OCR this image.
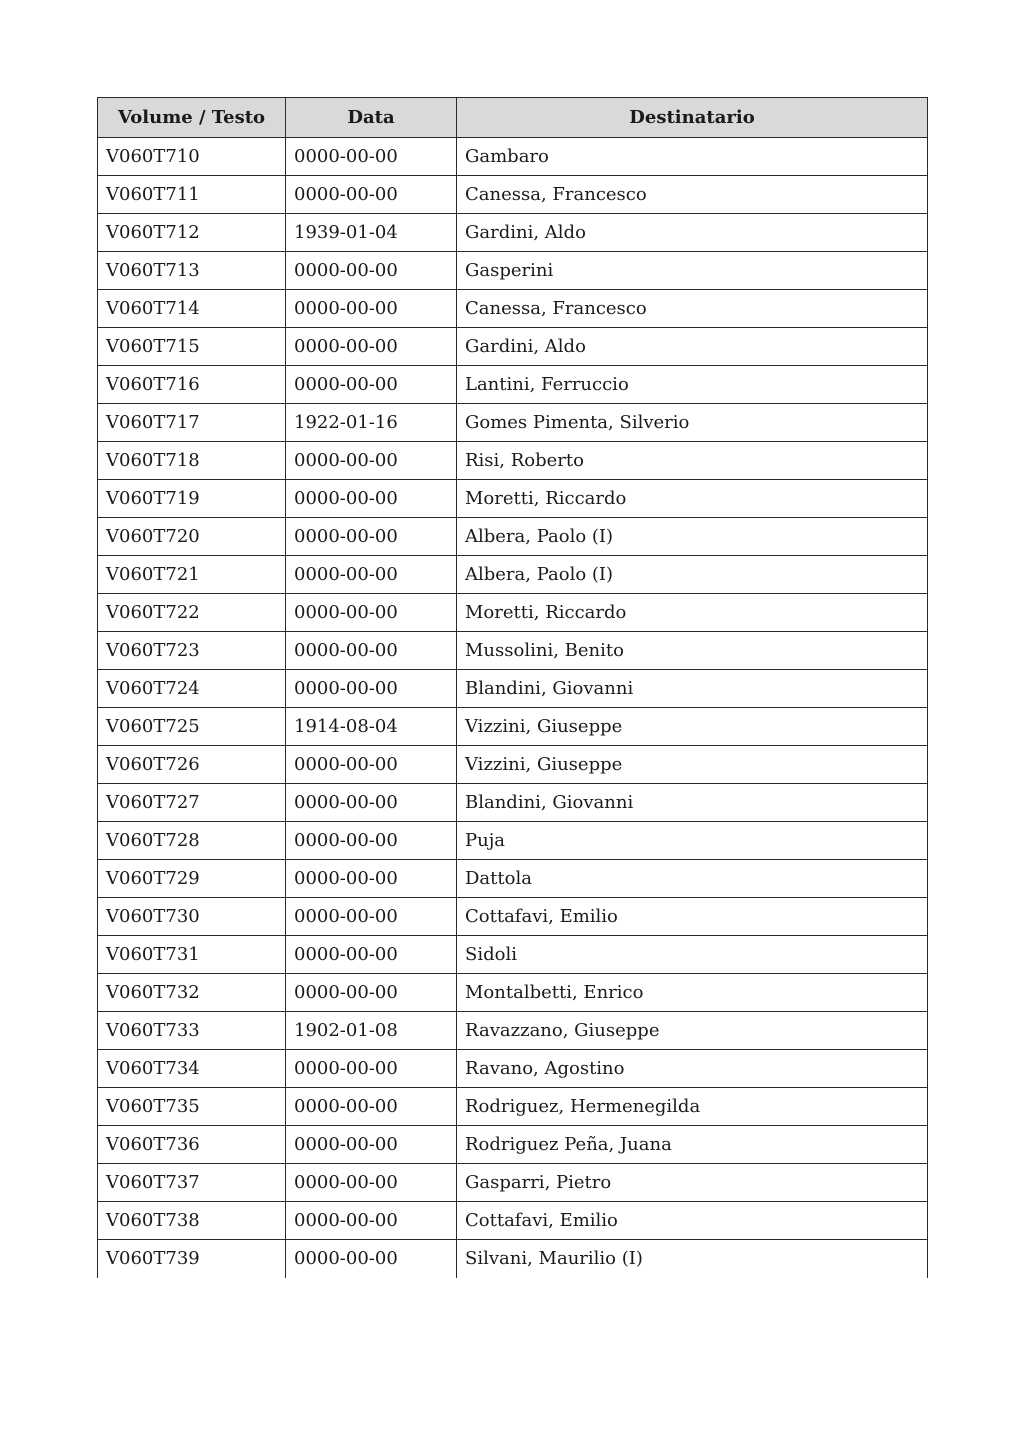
Volume / Testo	Data	Destinatario
V060T710	0000-00-00	Gambaro
V060T711	0000-00-00	Canessa, Francesco
V060T712	1939-01-04	Gardini, Aldo
V060T713	0000-00-00	Gasperini
V060T714	0000-00-00	Canessa, Francesco
V060T715	0000-00-00	Gardini, Aldo
V060T716	0000-00-00	Lantini, Ferruccio
V060T717	1922-01-16	Gomes Pimenta, Silverio
V060T718	0000-00-00	Risi, Roberto
V060T719	0000-00-00	Moretti, Riccardo
V060T720	0000-00-00	Albera, Paolo (I)
V060T721	0000-00-00	Albera, Paolo (I)
V060T722	0000-00-00	Moretti, Riccardo
V060T723	0000-00-00	Mussolini, Benito
V060T724	0000-00-00	Blandini, Giovanni
V060T725	1914-08-04	Vizzini, Giuseppe
V060T726	0000-00-00	Vizzini, Giuseppe
V060T727	0000-00-00	Blandini, Giovanni
V060T728	0000-00-00	Puja
V060T729	0000-00-00	Dattola
V060T730	0000-00-00	Cottafavi, Emilio
V060T731	0000-00-00	Sidoli
V060T732	0000-00-00	Montalbetti, Enrico
V060T733	1902-01-08	Ravazzano, Giuseppe
V060T734	0000-00-00	Ravano, Agostino
V060T735	0000-00-00	Rodriguez, Hermenegilda
V060T736	0000-00-00	Rodriguez Peña, Juana
V060T737	0000-00-00	Gasparri, Pietro
V060T738	0000-00-00	Cottafavi, Emilio
V060T739	0000-00-00	Silvani, Maurilio (I)
